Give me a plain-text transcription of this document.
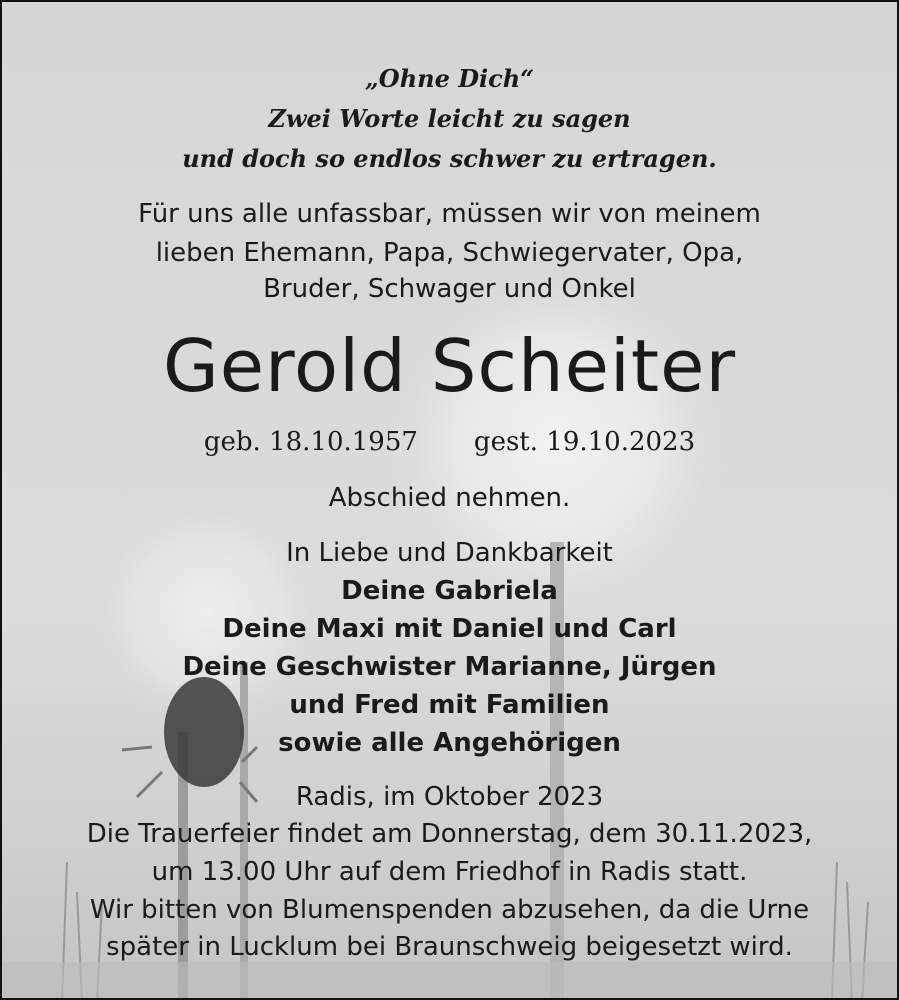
„Ohne Dich“
Zwei Worte leicht zu sagen
und doch so endlos schwer zu ertragen.
Für uns alle unfassbar, müssen wir von meinem
lieben Ehemann, Papa, Schwiegervater, Opa,
Bruder, Schwager und Onkel
Gerold Scheiter
geb. 18.10.1957 gest. 19.10.2023
Abschied nehmen.
In Liebe und Dankbarkeit
Deine Gabriela
Deine Maxi mit Daniel und Carl
Deine Geschwister Marianne, Jürgen
und Fred mit Familien
sowie alle Angehörigen
Radis, im Oktober 2023
Die Trauerfeier findet am Donnerstag, dem 30.11.2023,
um 13.00 Uhr auf dem Friedhof in Radis statt.
Wir bitten von Blumenspenden abzusehen, da die Urne
später in Lucklum bei Braunschweig beigesetzt wird.
